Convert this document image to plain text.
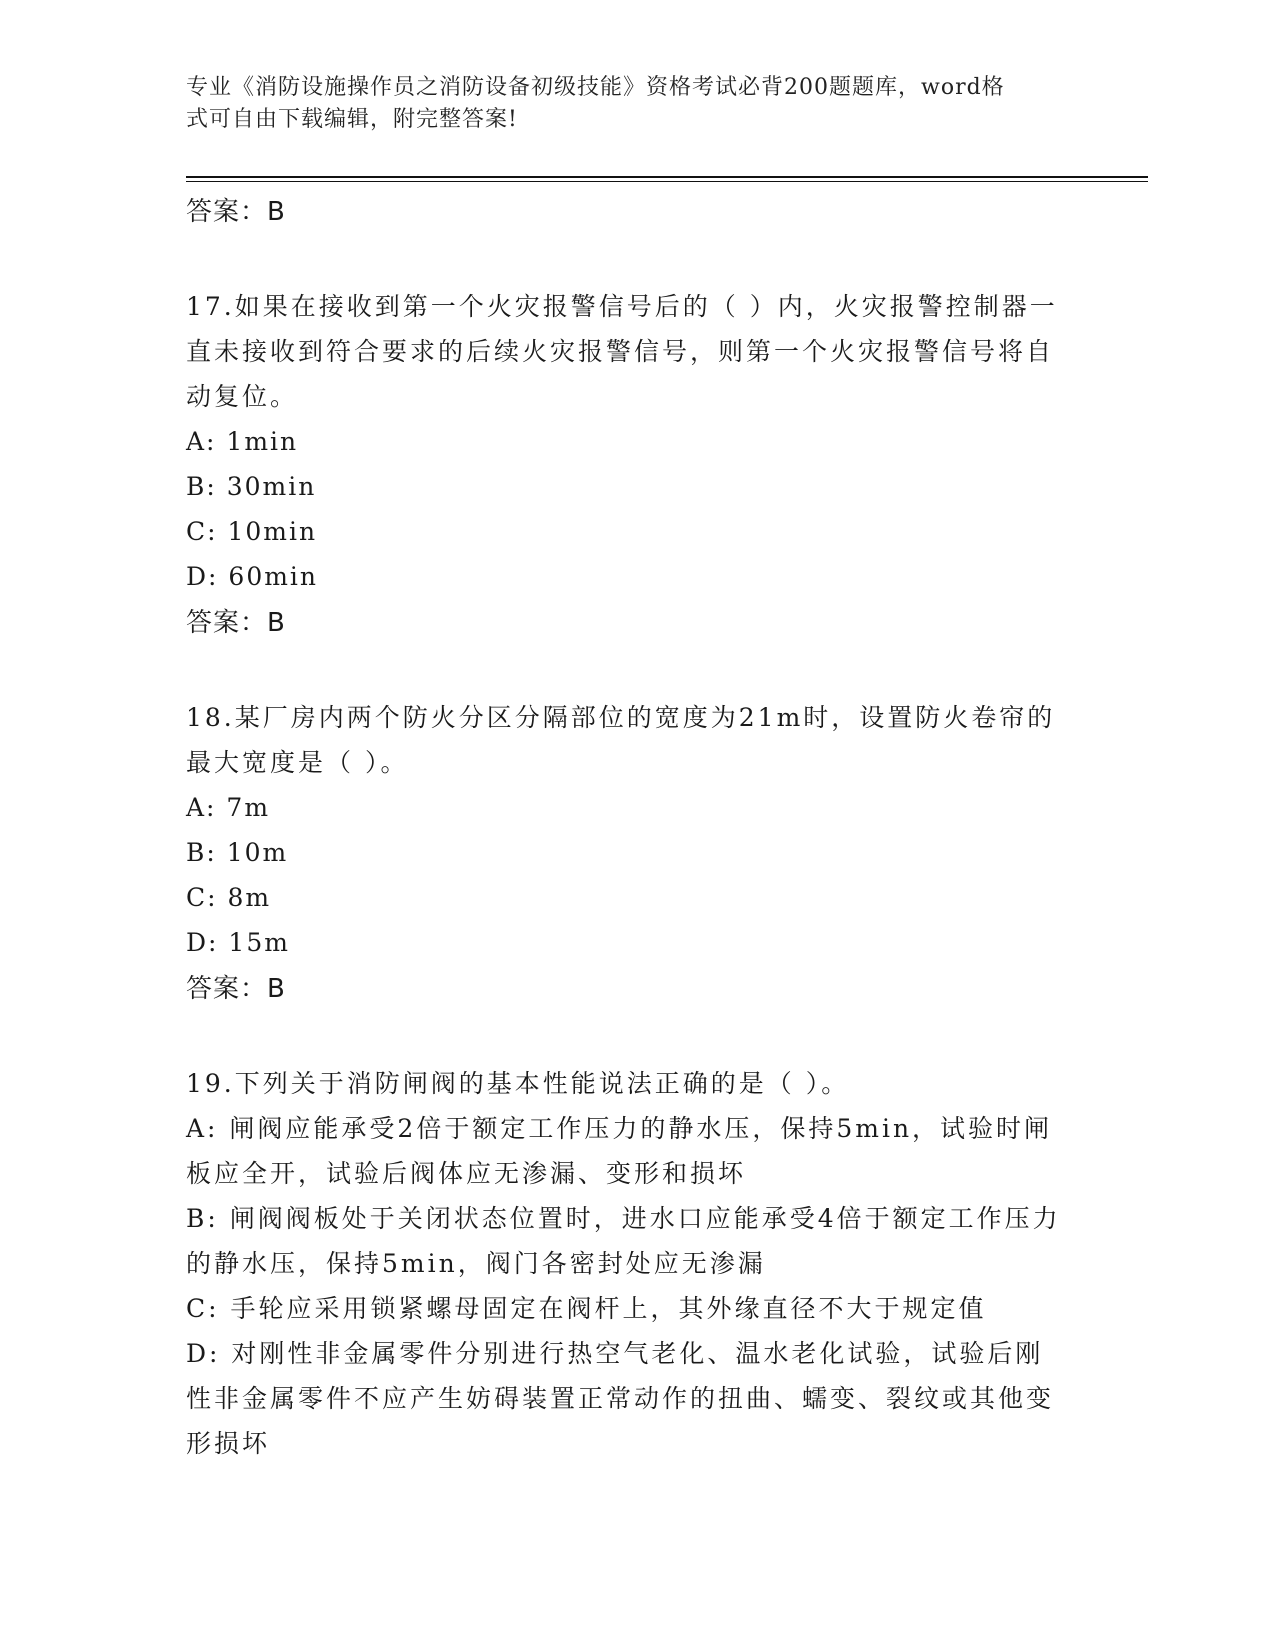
专业《消防设施操作员之消防设备初级技能》资格考试必背200题题库，word格
式可自由下载编辑，附完整答案!
答案：B
17.如果在接收到第一个火灾报警信号后的（ ）内，火灾报警控制器一直未接收到符合要求的后续火灾报警信号，则第一个火灾报警信号将自动复位。
A: 1min
B: 30min
C: 10min
D: 60min
答案：B
18.某厂房内两个防火分区分隔部位的宽度为21m时，设置防火卷帘的最大宽度是（ ）。
A: 7m
B: 10m
C: 8m
D: 15m
答案：B
19.下列关于消防闸阀的基本性能说法正确的是（ ）。
A: 闸阀应能承受2倍于额定工作压力的静水压，保持5min，试验时闸板应全开，试验后阀体应无渗漏、变形和损坏
B: 闸阀阀板处于关闭状态位置时，进水口应能承受4倍于额定工作压力的静水压，保持5min，阀门各密封处应无渗漏
C: 手轮应采用锁紧螺母固定在阀杆上，其外缘直径不大于规定值
D: 对刚性非金属零件分别进行热空气老化、温水老化试验，试验后刚性非金属零件不应产生妨碍装置正常动作的扭曲、蠕变、裂纹或其他变形损坏
